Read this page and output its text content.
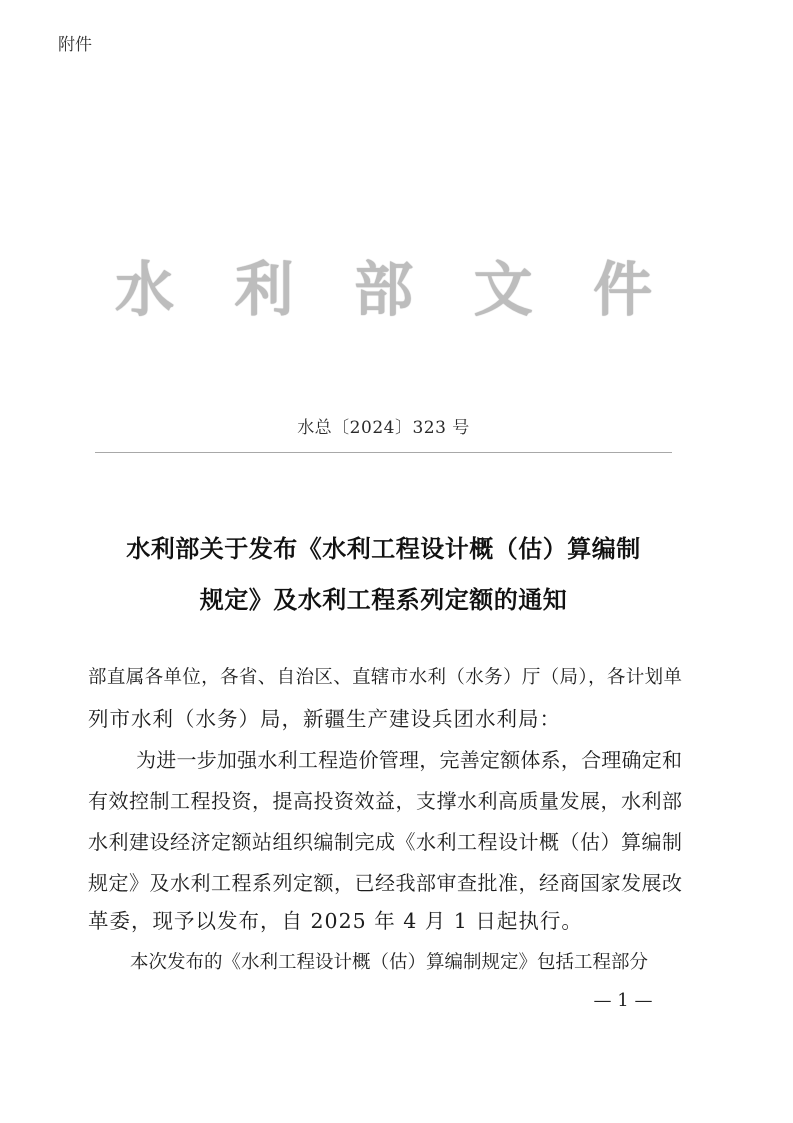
附件
水 利 部 文 件
水总〔2024〕323 号
水利部关于发布《水利工程设计概（估）算编制
规定》及水利工程系列定额的通知

部直属各单位，各省、自治区、直辖市水利（水务）厅（局），各计划单

列市水利（水务）局，新疆生产建设兵团水利局：

为进一步加强水利工程造价管理，完善定额体系，合理确定和

有效控制工程投资，提高投资效益，支撑水利高质量发展，水利部

水利建设经济定额站组织编制完成《水利工程设计概（估）算编制

规定》及水利工程系列定额，已经我部审查批准，经商国家发展改

革委，现予以发布，自 2025 年 4 月 1 日起执行。

本次发布的《水利工程设计概（估）算编制规定》包括工程部分

— 1 —
